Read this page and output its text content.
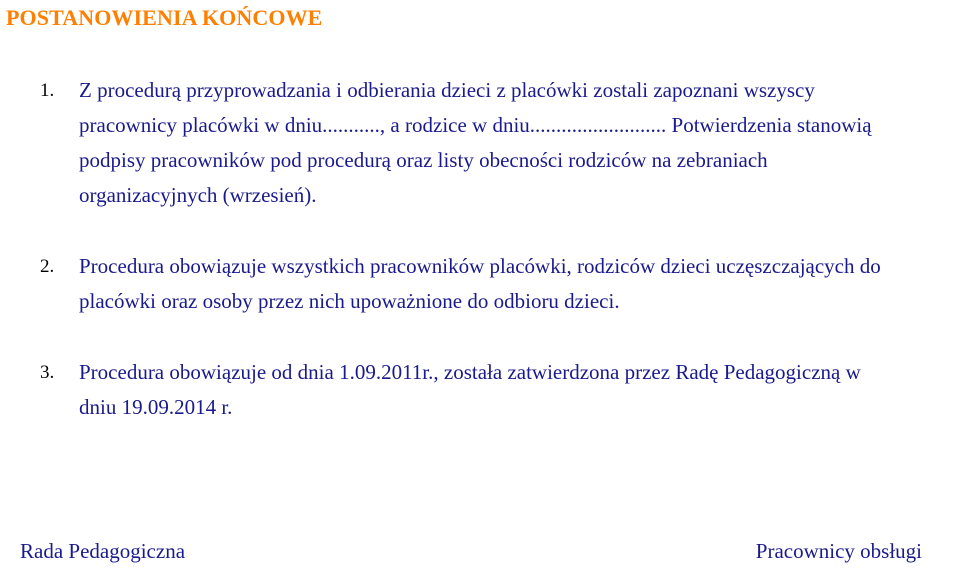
POSTANOWIENIA KOŃCOWE
1. Z procedurą przyprowadzania i odbierania dzieci z placówki zostali zapoznani wszyscy pracownicy placówki w dniu..........., a rodzice w dniu.......................... Potwierdzenia stanowią podpisy pracowników pod procedurą oraz listy obecności rodziców na zebraniach organizacyjnych (wrzesień).
2. Procedura obowiązuje wszystkich pracowników placówki, rodziców dzieci uczęszczających do placówki oraz osoby przez nich upoważnione do odbioru dzieci.
3. Procedura obowiązuje od dnia 1.09.2011r., została zatwierdzona przez Radę Pedagogiczną w dniu 19.09.2014 r.
Rada Pedagogiczna	Pracownicy obsługi
